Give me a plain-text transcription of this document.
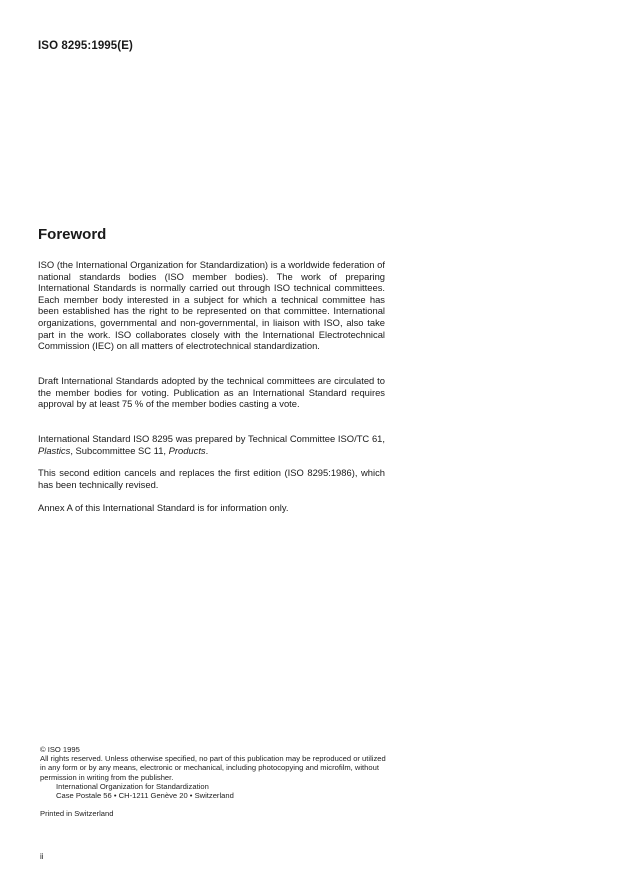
ISO 8295:1995(E)
Foreword

ISO (the International Organization for Standardization) is a worldwide federation of national standards bodies (ISO member bodies). The work of preparing International Standards is normally carried out through ISO technical committees. Each member body interested in a subject for which a technical committee has been established has the right to be represented on that committee. International organizations, governmental and non-governmental, in liaison with ISO, also take part in the work. ISO collaborates closely with the International Electrotechnical Commission (IEC) on all matters of electrotechnical standardization.

Draft International Standards adopted by the technical committees are circulated to the member bodies for voting. Publication as an International Standard requires approval by at least 75 % of the member bodies casting a vote.

International Standard ISO 8295 was prepared by Technical Committee ISO/TC 61, Plastics, Subcommittee SC 11, Products.

This second edition cancels and replaces the first edition (ISO 8295:1986), which has been technically revised.

Annex A of this International Standard is for information only.

© ISO 1995
All rights reserved. Unless otherwise specified, no part of this publication may be reproduced or utilized in any form or by any means, electronic or mechanical, including photocopying and microfilm, without permission in writing from the publisher.
International Organization for Standardization
Case Postale 56 • CH-1211 Genève 20 • Switzerland
Printed in Switzerland
ii
